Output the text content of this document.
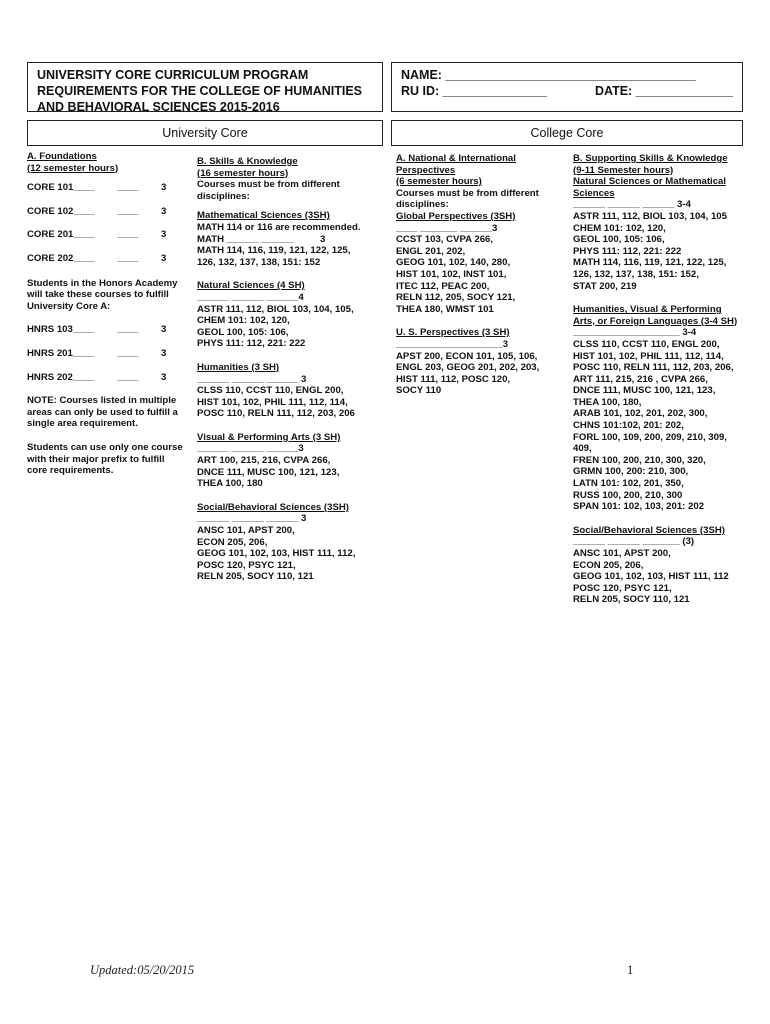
UNIVERSITY CORE CURRICULUM PROGRAM
REQUIREMENTS FOR THE COLLEGE OF HUMANITIES
AND BEHAVIORAL SCIENCES 2015-2016
NAME: ____________________________________
RU ID: _______________	DATE: ______________
University Core	College Core
A. Foundations
(12 semester hours)
CORE 101____ ____ 3
CORE 102____ ____ 3
CORE 201____ ____ 3
CORE 202____ ____ 3
Students in the Honors Academy
will take these courses to fulfill
University Core A:
HNRS 103____ ____ 3
HNRS 201____ ____ 3
HNRS 202____ ____ 3
NOTE: Courses listed in multiple
areas can only be used to fulfill a
single area requirement.
Students can use only one course
with their major prefix to fulfill
core requirements.
B. Skills & Knowledge
(16 semester hours)
Courses must be from different
disciplines:
Mathematical Sciences (3SH)
MATH 114 or 116 are recommended.
MATH ______ ______          3
MATH 114, 116, 119, 121, 122, 125,
126, 132, 137, 138, 151: 152
Natural Sciences (4 SH)
______ ______ ______4
ASTR 111, 112, BIOL 103, 104, 105,
CHEM 101: 102, 120,
GEOL 100, 105: 106,
PHYS 111: 112, 221: 222
Humanities (3 SH)
______ ______ ______ 3
CLSS 110, CCST 110, ENGL 200,
HIST 101, 102, PHIL 111, 112, 114,
POSC 110, RELN 111, 112, 203, 206
Visual & Performing Arts (3 SH)
______ ______ ______3
ART 100, 215, 216, CVPA 266,
DNCE 111, MUSC 100, 121, 123,
THEA 100, 180
Social/Behavioral Sciences (3SH)
______ ______ ______ 3
ANSC 101, APST 200,
ECON 205, 206,
GEOG 101, 102, 103, HIST 111, 112,
POSC 120, PSYC 121,
RELN 205, SOCY 110, 121
A. National & International
Perspectives
(6 semester hours)
Courses must be from different
disciplines:
Global Perspectives (3SH)
____ _______ ______3
CCST 103, CVPA 266,
ENGL 201, 202,
GEOG 101, 102, 140, 280,
HIST 101, 102, INST 101,
ITEC 112, PEAC 200,
RELN 112, 205, SOCY 121,
THEA 180, WMST 101
U. S. Perspectives (3 SH)
____________________3
APST 200, ECON 101, 105, 106,
ENGL 203, GEOG 201, 202, 203,
HIST 111, 112, POSC 120,
SOCY 110
B. Supporting Skills & Knowledge
(9-11 Semester hours)
Natural Sciences or Mathematical
Sciences
______ ______ ______ 3-4
ASTR 111, 112, BIOL 103, 104, 105
CHEM 101: 102, 120,
GEOL 100, 105: 106,
PHYS 111: 112, 221: 222
MATH 114, 116, 119, 121, 122, 125,
126, 132, 137, 138, 151: 152,
STAT 200, 219
Humanities, Visual & Performing
Arts, or Foreign Languages (3-4 SH)
____________________ 3-4
CLSS 110, CCST 110, ENGL 200,
HIST 101, 102, PHIL 111, 112, 114,
POSC 110, RELN 111, 112, 203, 206,
ART 111, 215, 216 , CVPA 266,
DNCE 111, MUSC 100, 121, 123,
THEA 100, 180,
ARAB 101, 102, 201, 202, 300,
CHNS 101:102, 201: 202,
FORL 100, 109, 200, 209, 210, 309,
409,
FREN 100, 200, 210, 300, 320,
GRMN 100, 200: 210, 300,
LATN 101: 102, 201, 350,
RUSS 100, 200, 210, 300
SPAN 101: 102, 103, 201: 202
Social/Behavioral Sciences (3SH)
______ ______ _______ (3)
ANSC 101, APST 200,
ECON 205, 206,
GEOG 101, 102, 103, HIST 111, 112
POSC 120, PSYC 121,
RELN 205, SOCY 110, 121
Updated:05/20/2015	1
